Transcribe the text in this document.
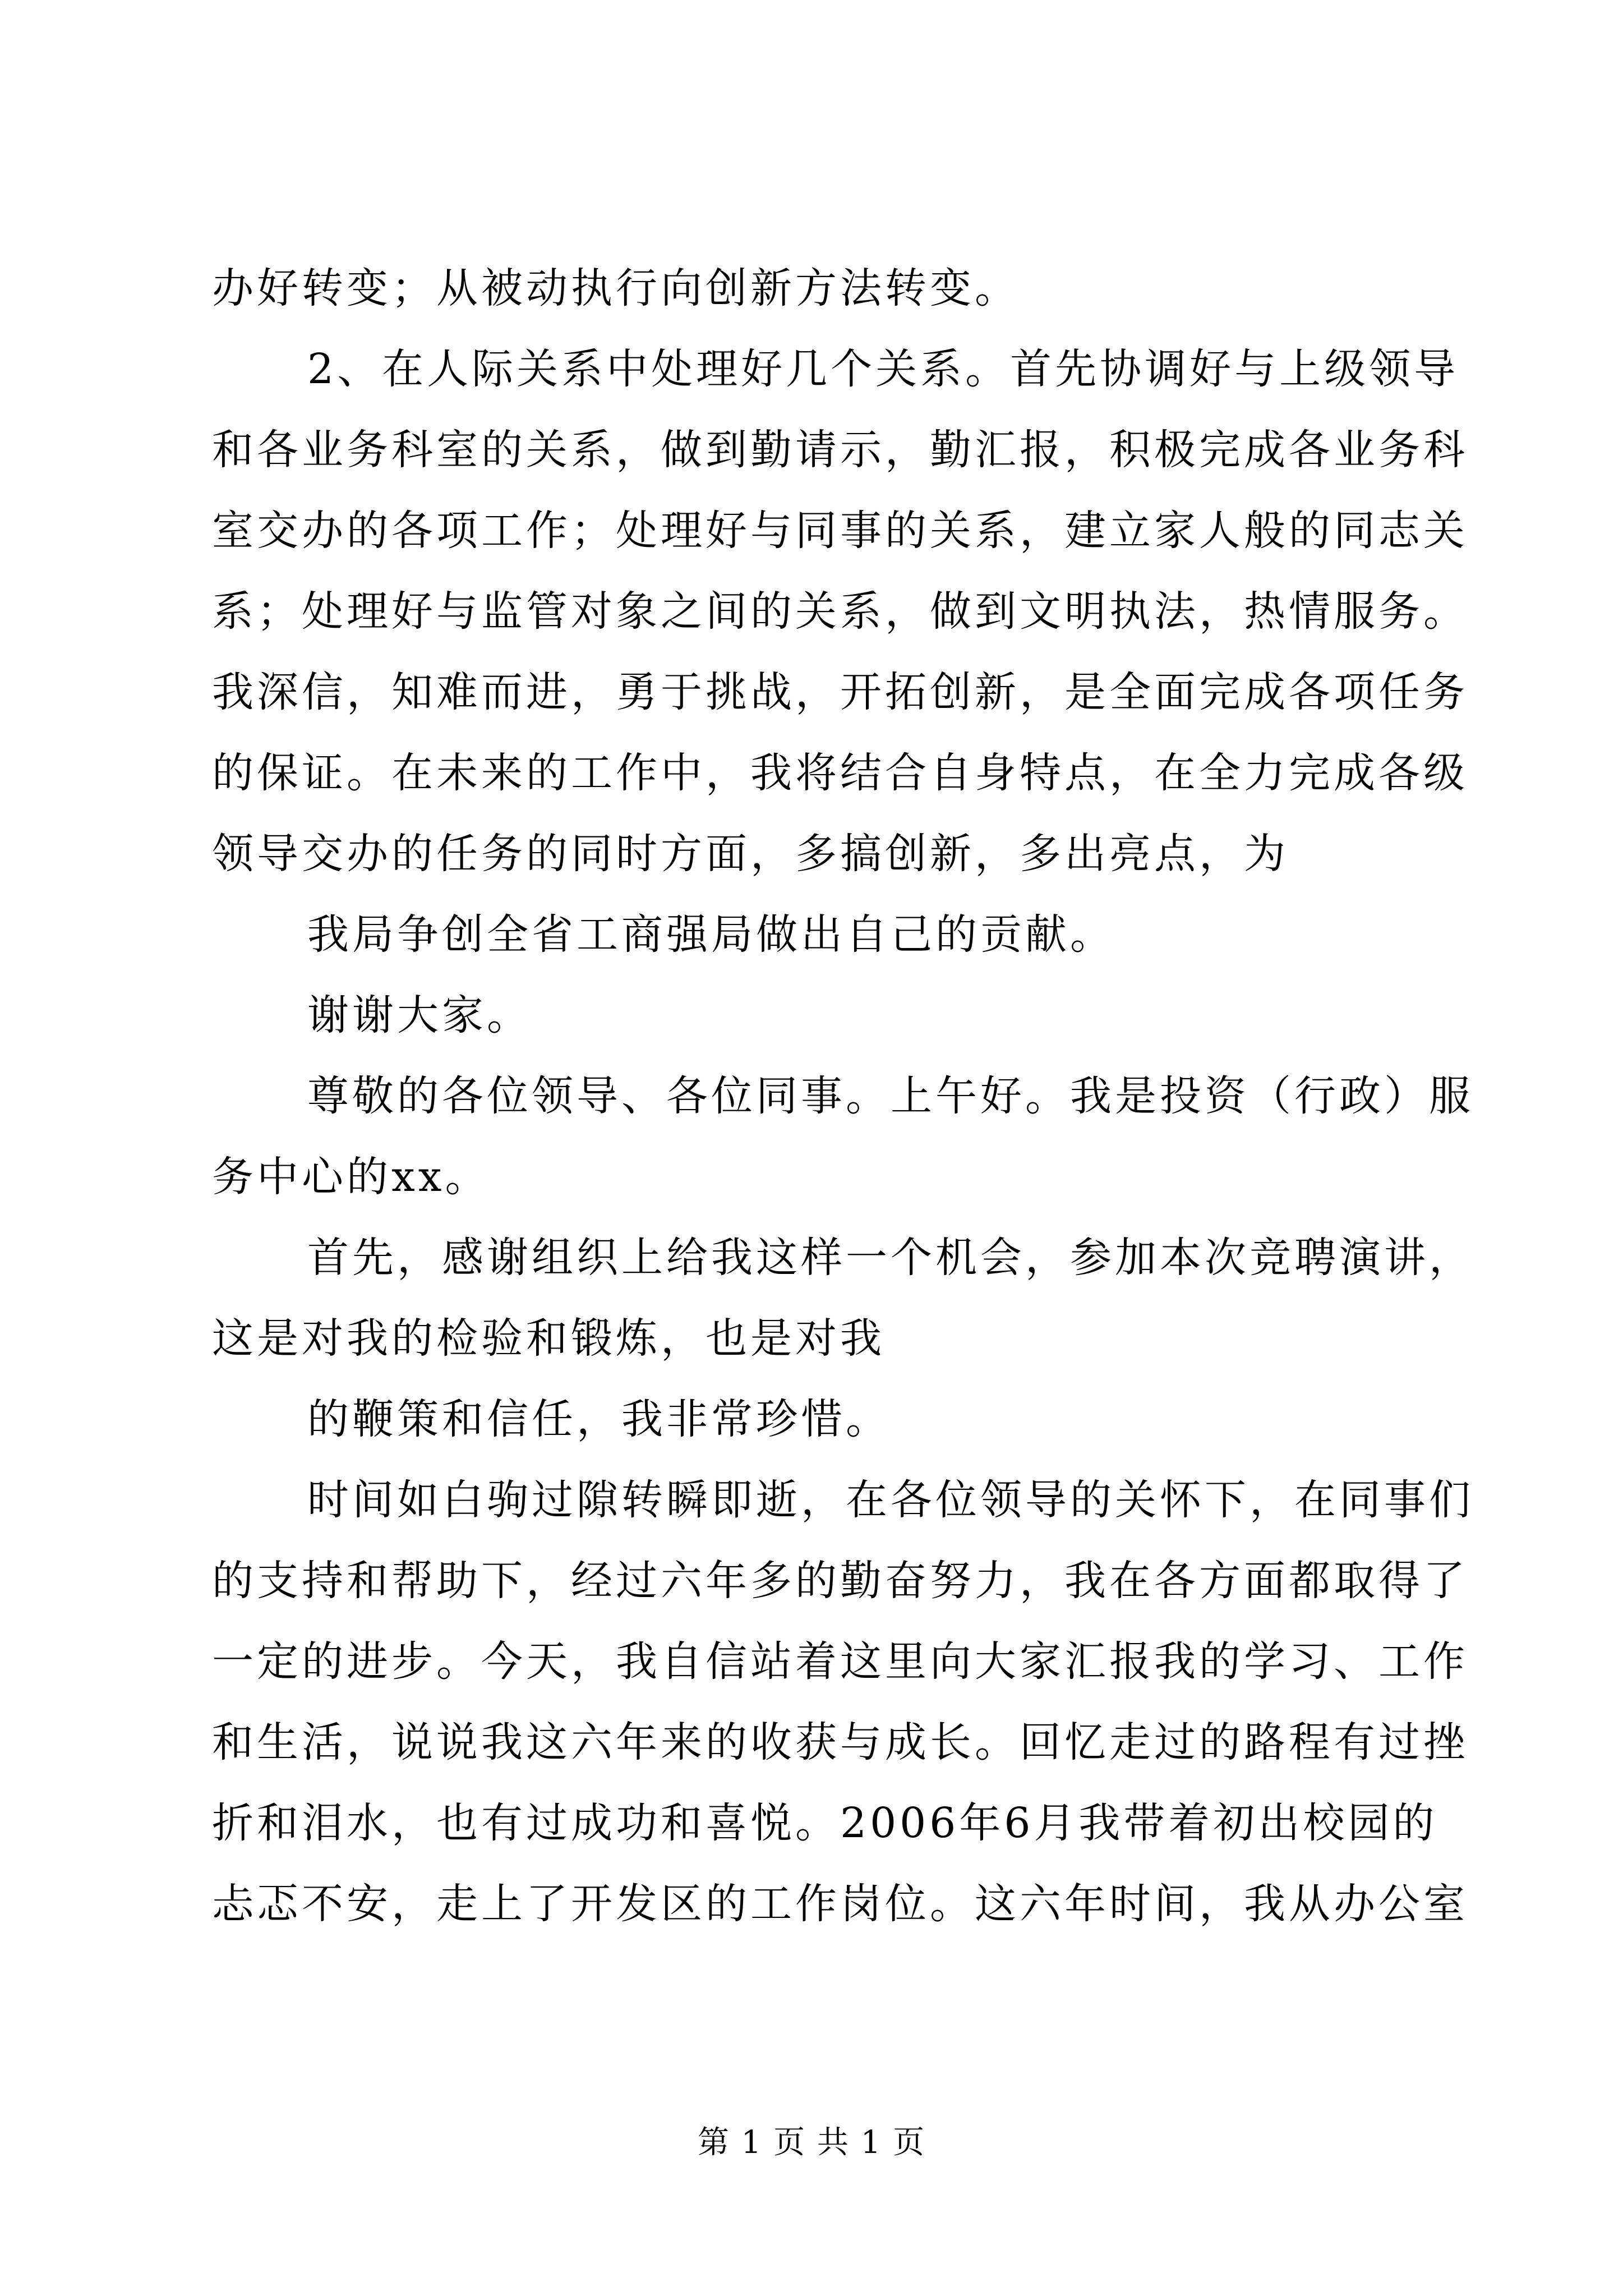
办好转变；从被动执行向创新方法转变。
2、在人际关系中处理好几个关系。首先协调好与上级领导
和各业务科室的关系，做到勤请示，勤汇报，积极完成各业务科
室交办的各项工作；处理好与同事的关系，建立家人般的同志关
系；处理好与监管对象之间的关系，做到文明执法，热情服务。
我深信，知难而进，勇于挑战，开拓创新，是全面完成各项任务
的保证。在未来的工作中，我将结合自身特点，在全力完成各级
领导交办的任务的同时方面，多搞创新，多出亮点，为
我局争创全省工商强局做出自己的贡献。
谢谢大家。
尊敬的各位领导、各位同事。上午好。我是投资（行政）服
务中心的xx。
首先，感谢组织上给我这样一个机会，参加本次竞聘演讲，
这是对我的检验和锻炼，也是对我
的鞭策和信任，我非常珍惜。
时间如白驹过隙转瞬即逝，在各位领导的关怀下，在同事们
的支持和帮助下，经过六年多的勤奋努力，我在各方面都取得了
一定的进步。今天，我自信站着这里向大家汇报我的学习、工作
和生活，说说我这六年来的收获与成长。回忆走过的路程有过挫
折和泪水，也有过成功和喜悦。2006年6月我带着初出校园的
忐忑不安，走上了开发区的工作岗位。这六年时间，我从办公室
第 1 页 共 1 页
